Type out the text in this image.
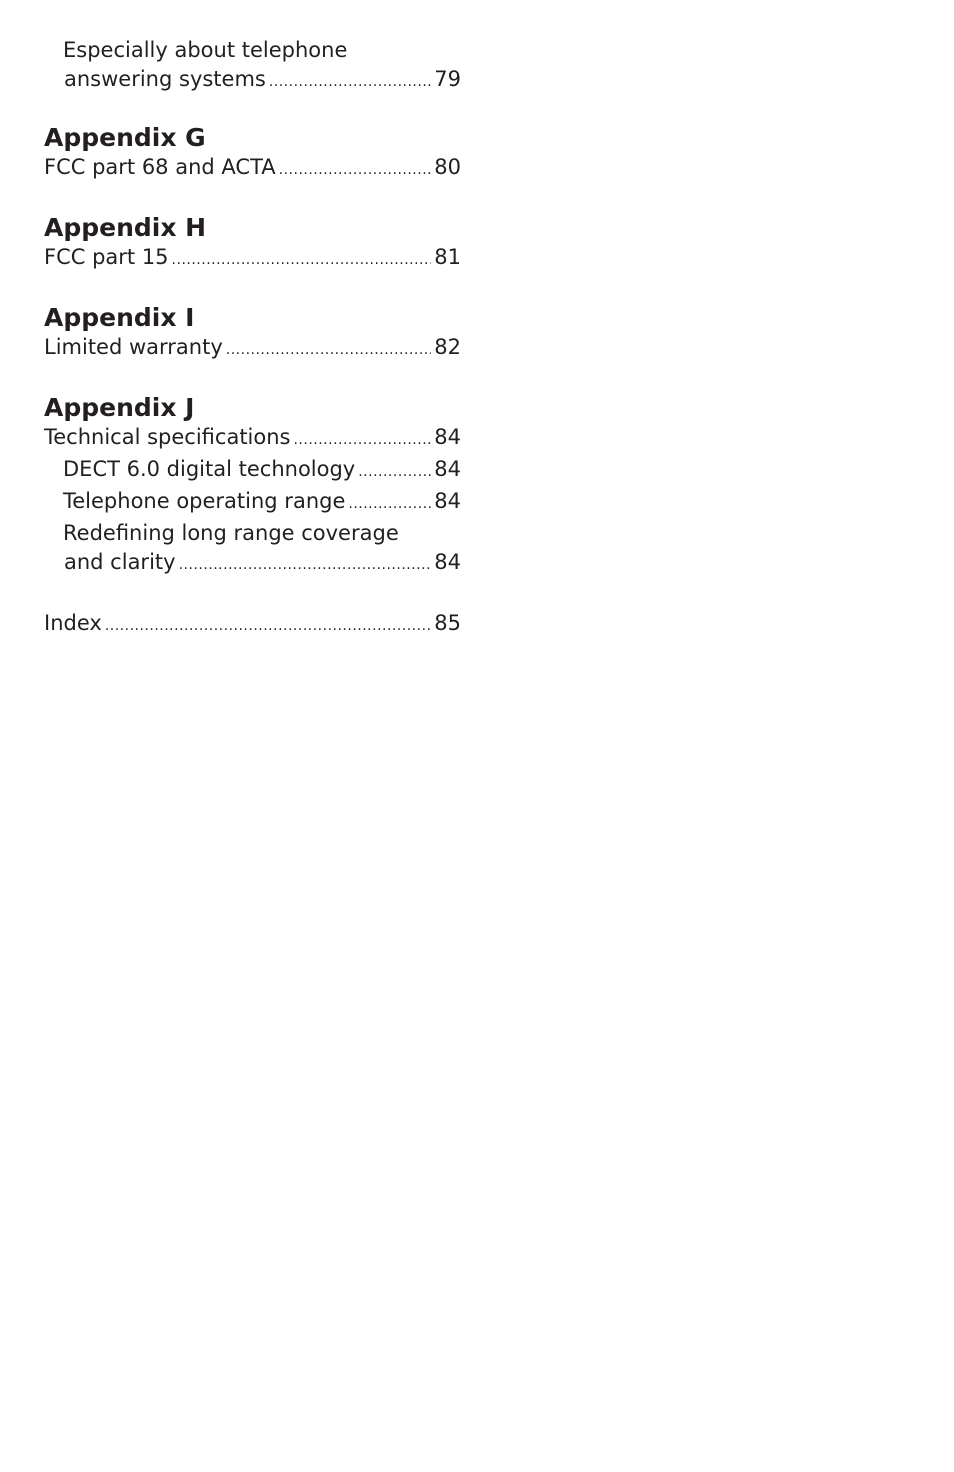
Especially about telephone
answering systems .....	79
Appendix G
FCC part 68 and ACTA .....	80
Appendix H
FCC part 15 .....	81
Appendix I
Limited warranty .....	82
Appendix J
Technical specifications .....	84
DECT 6.0 digital technology .....	84
Telephone operating range .....	84
Redefining long range coverage
and clarity .....	84
Index .....	85
